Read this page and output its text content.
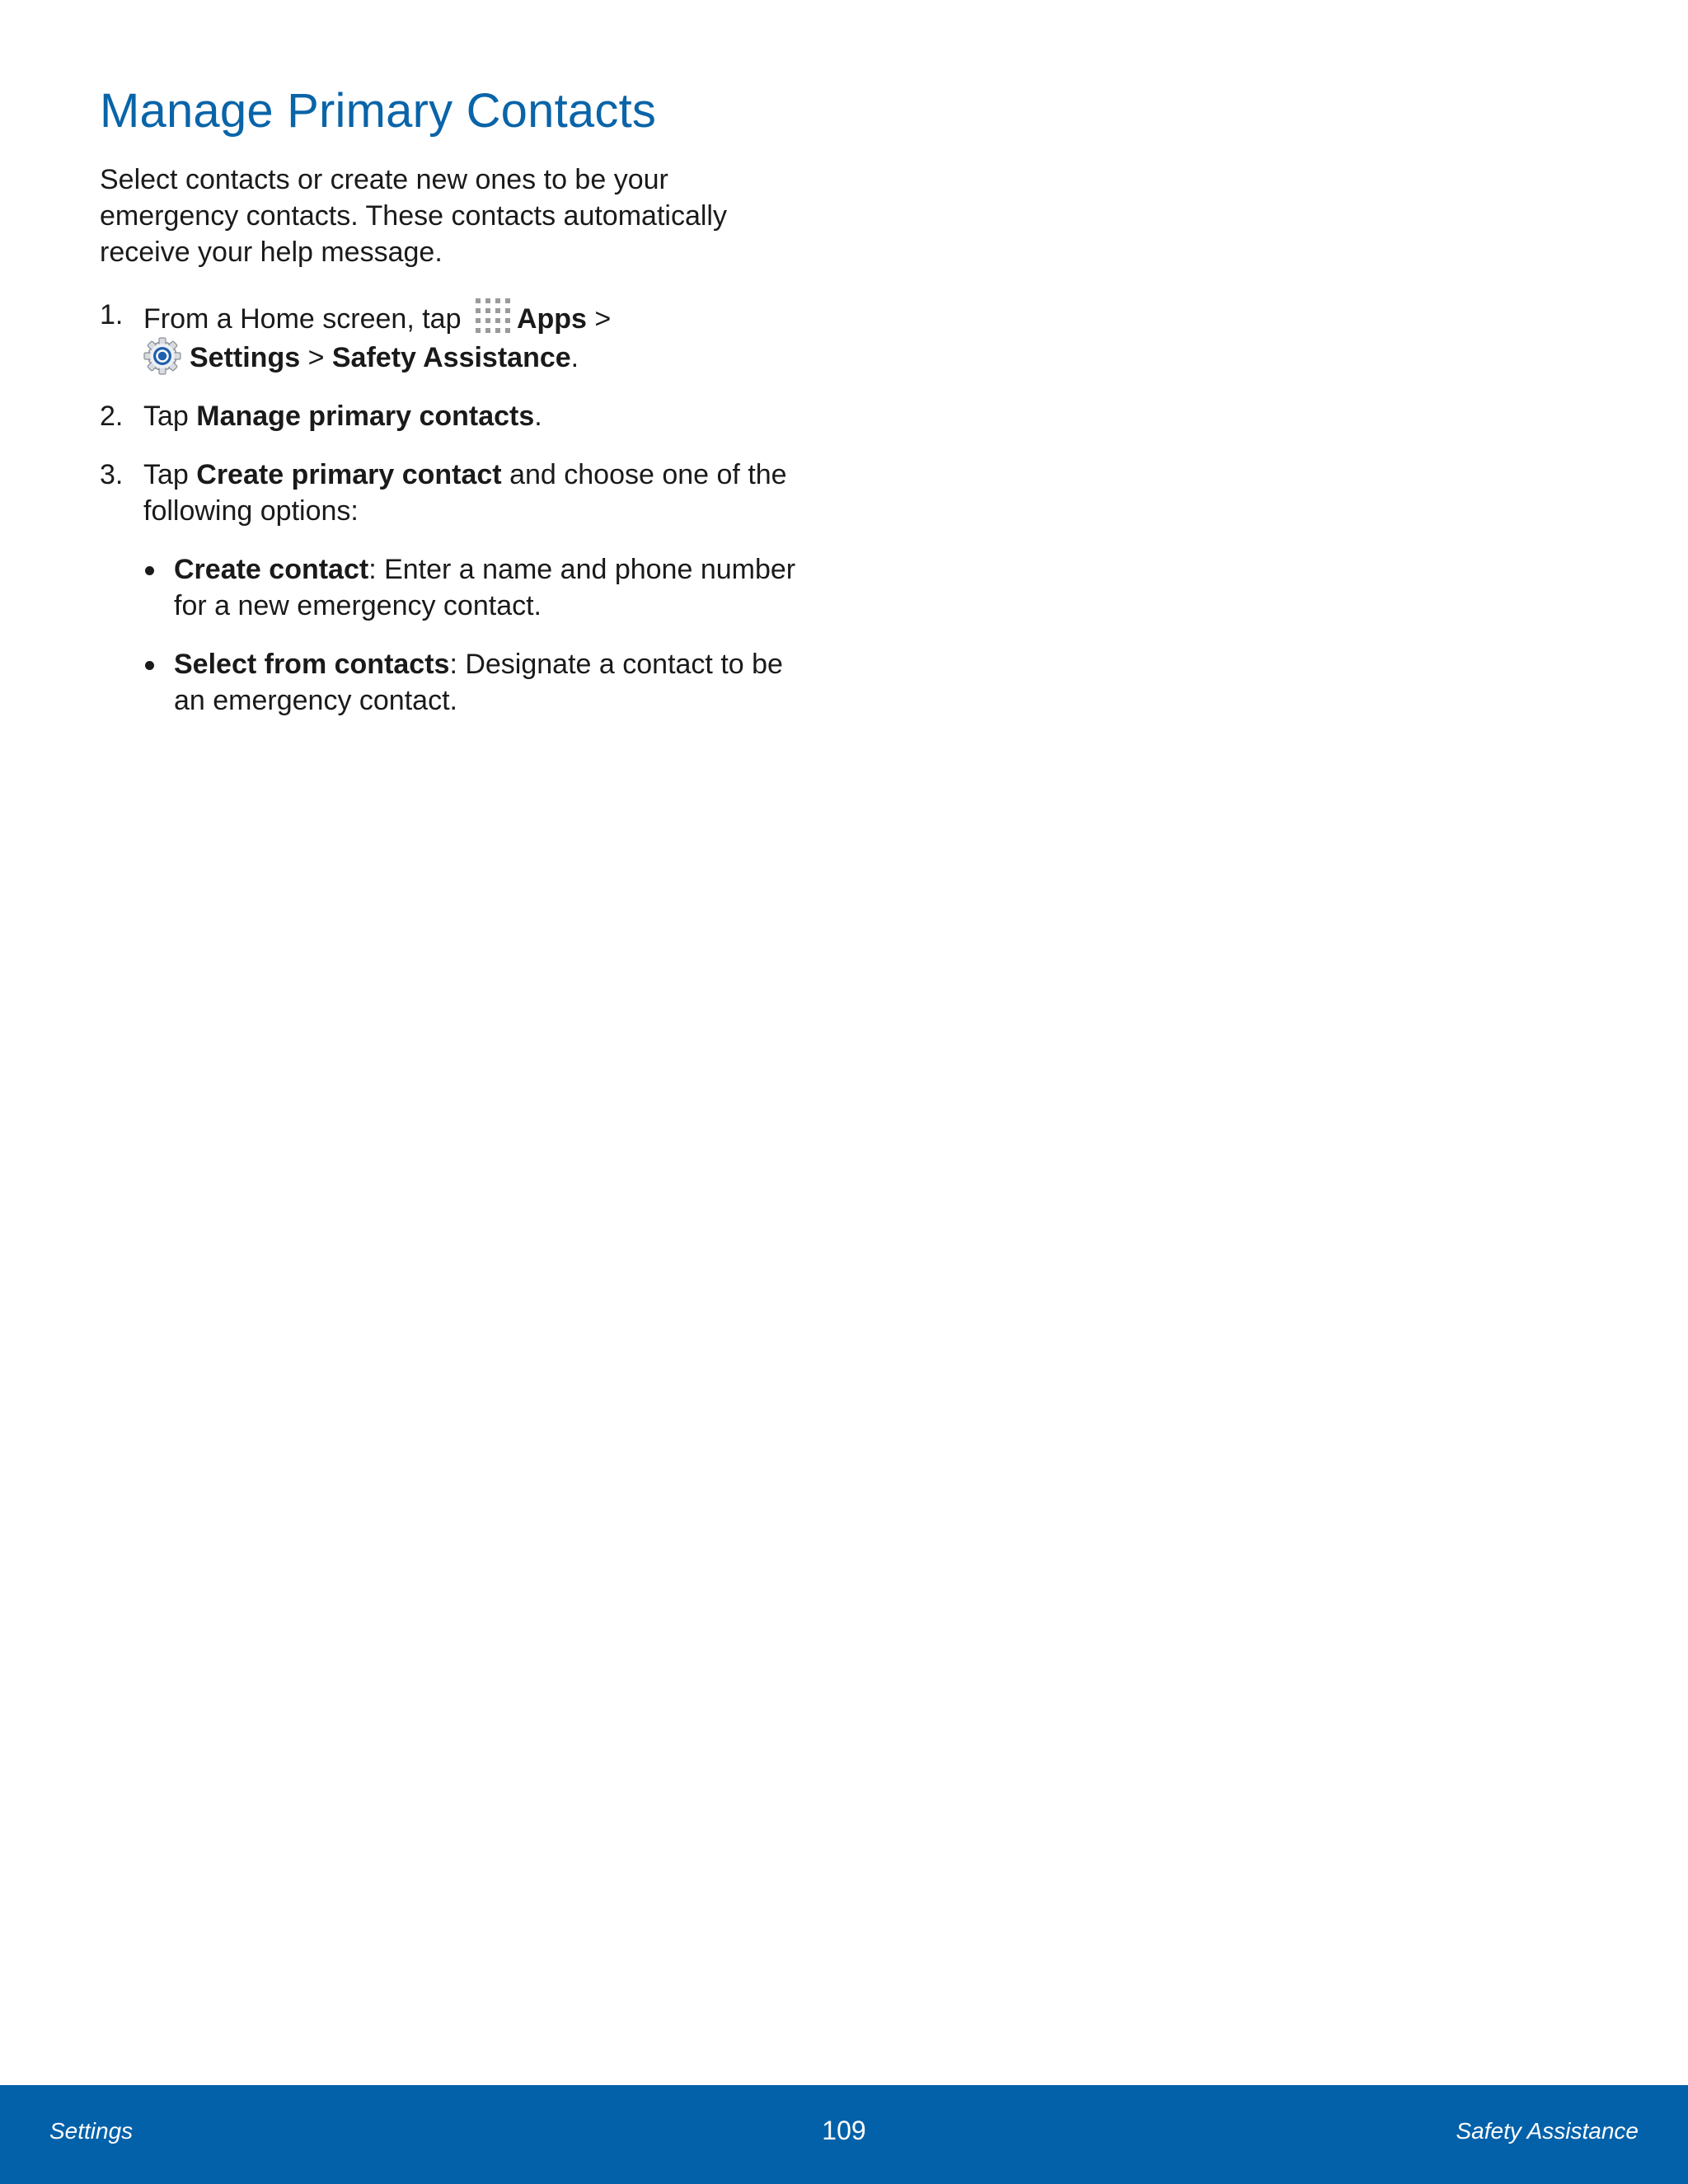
Manage Primary Contacts

Select contacts or create new ones to be your emergency contacts. These contacts automatically receive your help message.

1. From a Home screen, tap Apps >
Settings > Safety Assistance.
2. Tap Manage primary contacts.
3. Tap Create primary contact and choose one of the following options:
Create contact: Enter a name and phone number for a new emergency contact.
Select from contacts: Designate a contact to be an emergency contact.
Settings	109	Safety Assistance
